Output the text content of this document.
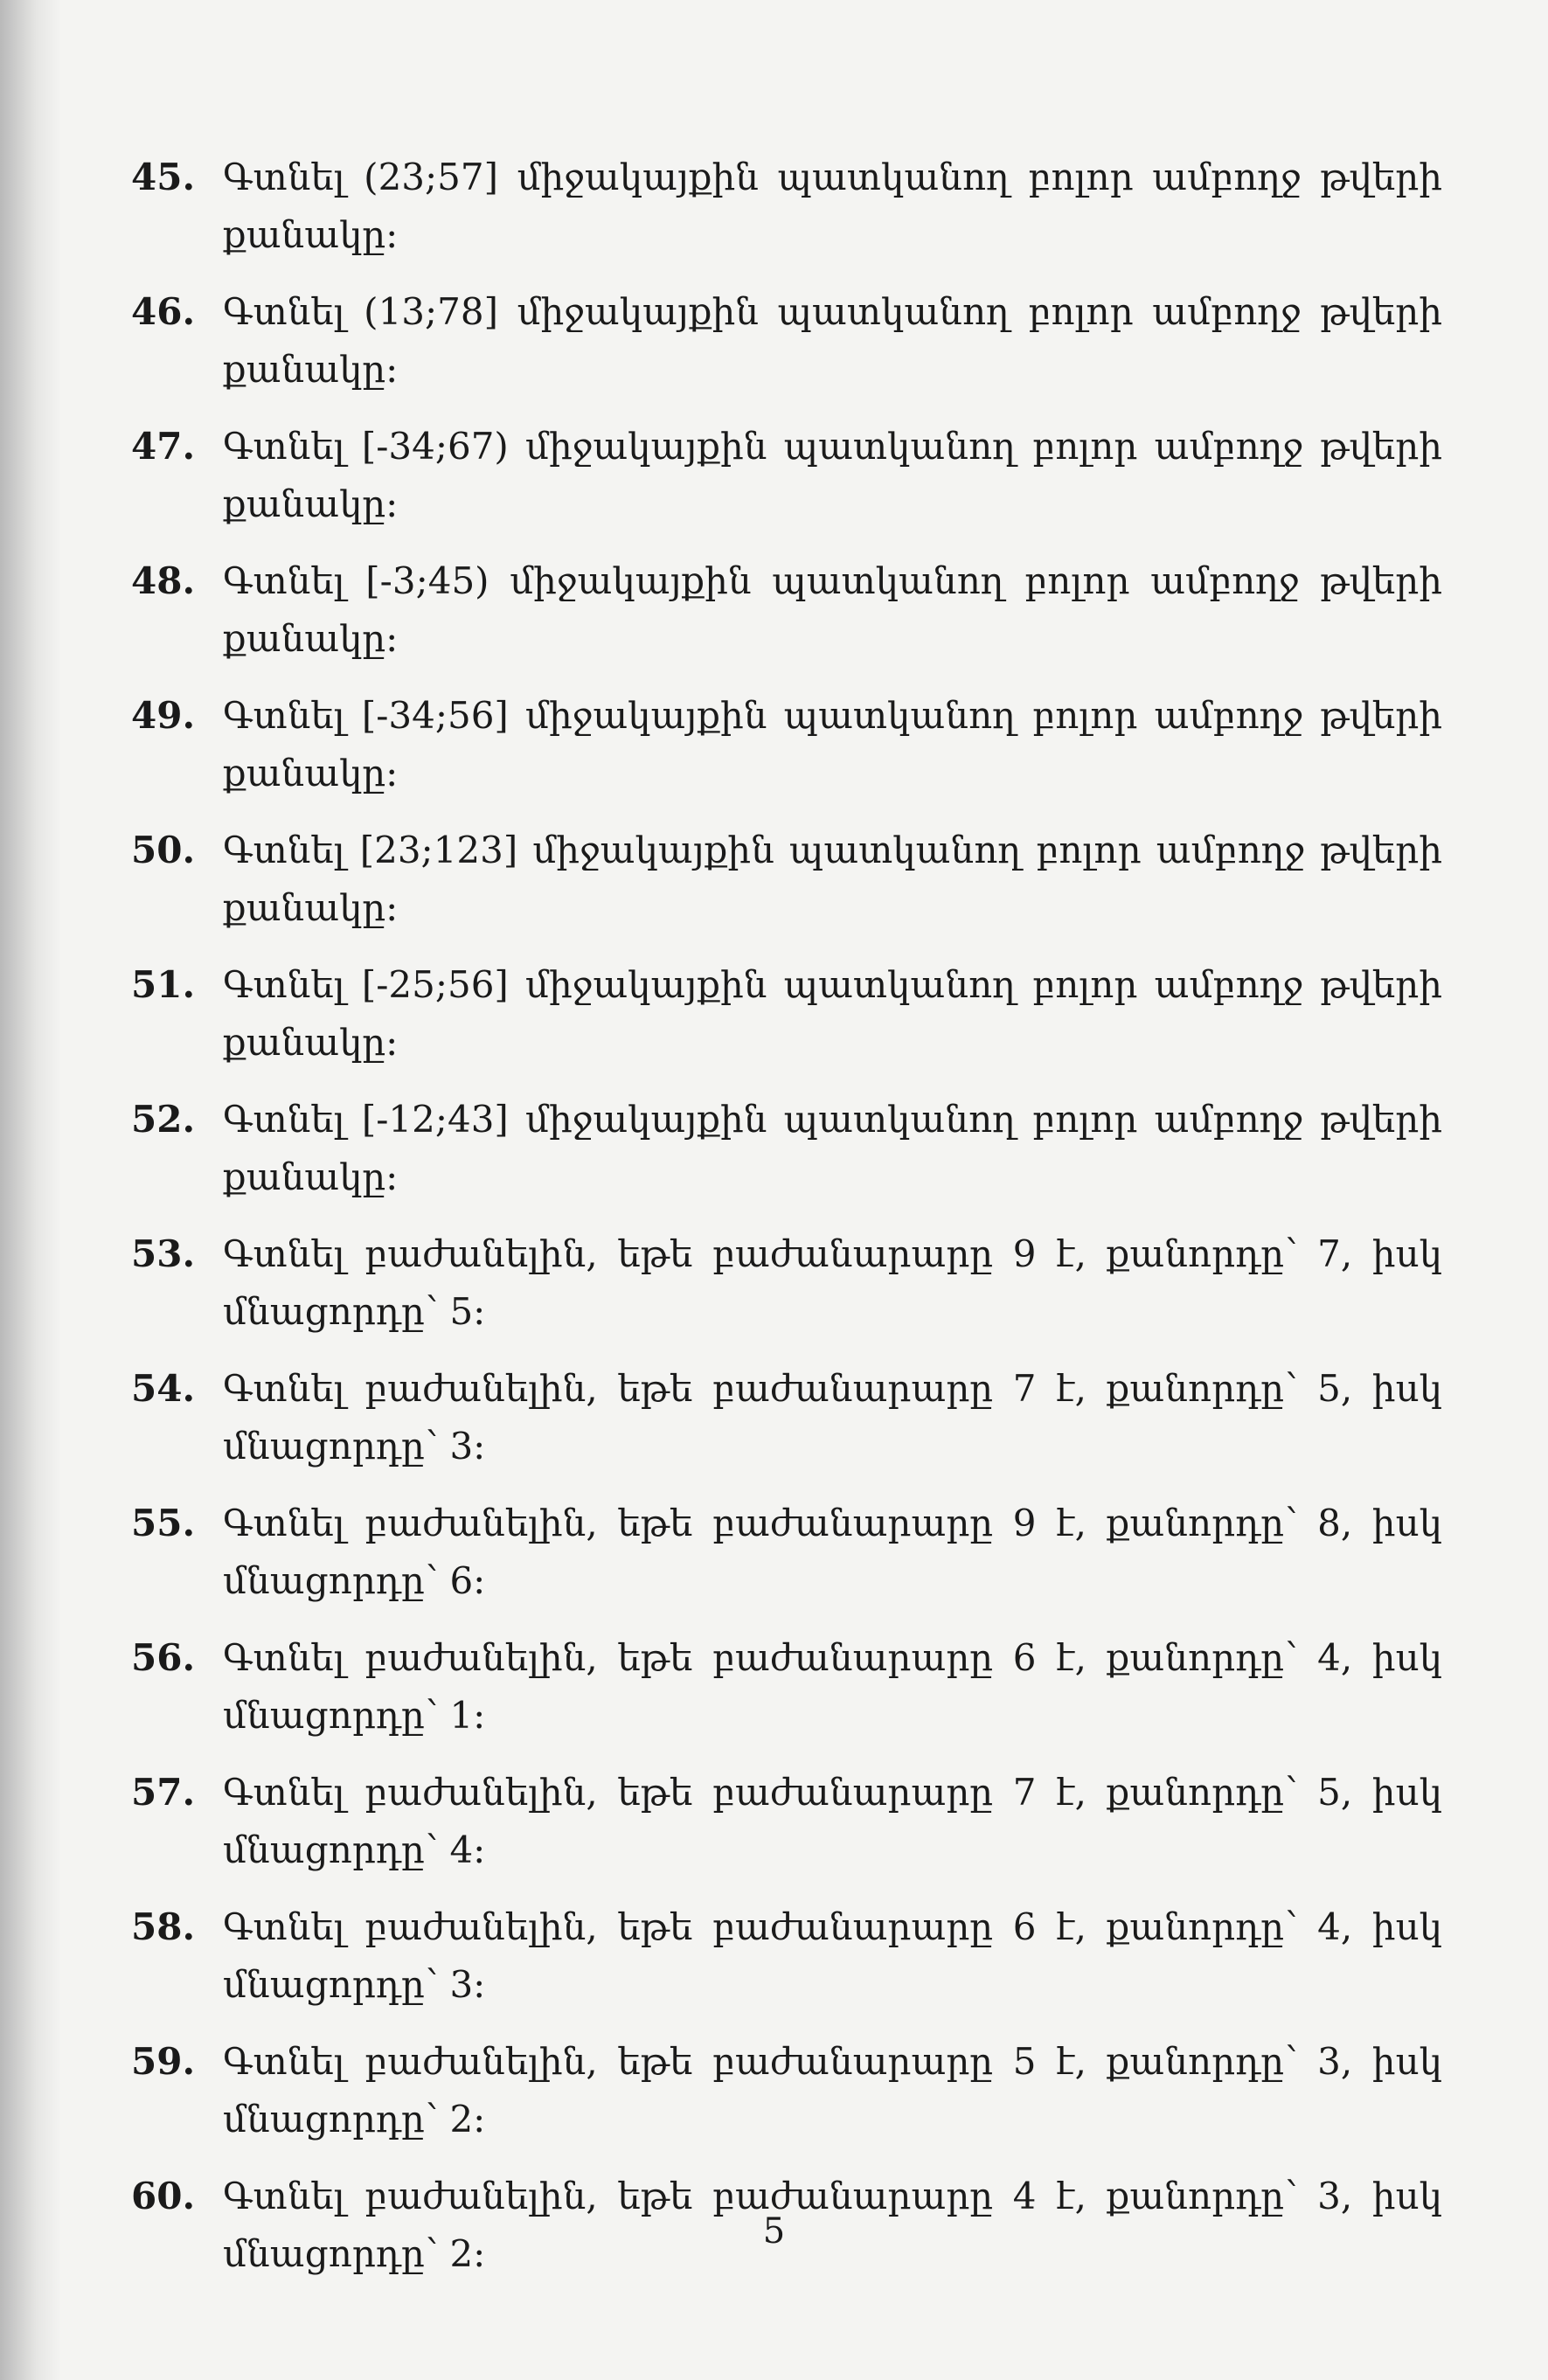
45. Գտնել (23;57] միջակայքին պատկանող բոլոր ամբողջ թվերի քանակը:
46. Գտնել (13;78] միջակայքին պատկանող բոլոր ամբողջ թվերի քանակը:
47. Գտնել [-34;67) միջակայքին պատկանող բոլոր ամբողջ թվերի քանակը:
48. Գտնել [-3;45) միջակայքին պատկանող բոլոր ամբողջ թվերի քանակը:
49. Գտնել [-34;56] միջակայքին պատկանող բոլոր ամբողջ թվերի քանակը:
50. Գտնել [23;123] միջակայքին պատկանող բոլոր ամբողջ թվերի քանակը:
51. Գտնել [-25;56] միջակայքին պատկանող բոլոր ամբողջ թվերի քանակը:
52. Գտնել [-12;43] միջակայքին պատկանող բոլոր ամբողջ թվերի քանակը:
53. Գտնել բաժանելին, եթե բաժանարարը 9 է, քանորդը՝ 7, իսկ մնացորդը՝ 5:
54. Գտնել բաժանելին, եթե բաժանարարը 7 է, քանորդը՝ 5, իսկ մնացորդը՝ 3:
55. Գտնել բաժանելին, եթե բաժանարարը 9 է, քանորդը՝ 8, իսկ մնացորդը՝ 6:
56. Գտնել բաժանելին, եթե բաժանարարը 6 է, քանորդը՝ 4, իսկ մնացորդը՝ 1:
57. Գտնել բաժանելին, եթե բաժանարարը 7 է, քանորդը՝ 5, իսկ մնացորդը՝ 4:
58. Գտնել բաժանելին, եթե բաժանարարը 6 է, քանորդը՝ 4, իսկ մնացորդը՝ 3:
59. Գտնել բաժանելին, եթե բաժանարարը 5 է, քանորդը՝ 3, իսկ մնացորդը՝ 2:
60. Գտնել բաժանելին, եթե բաժանարարը 4 է, քանորդը՝ 3, իսկ մնացորդը՝ 2:
5
